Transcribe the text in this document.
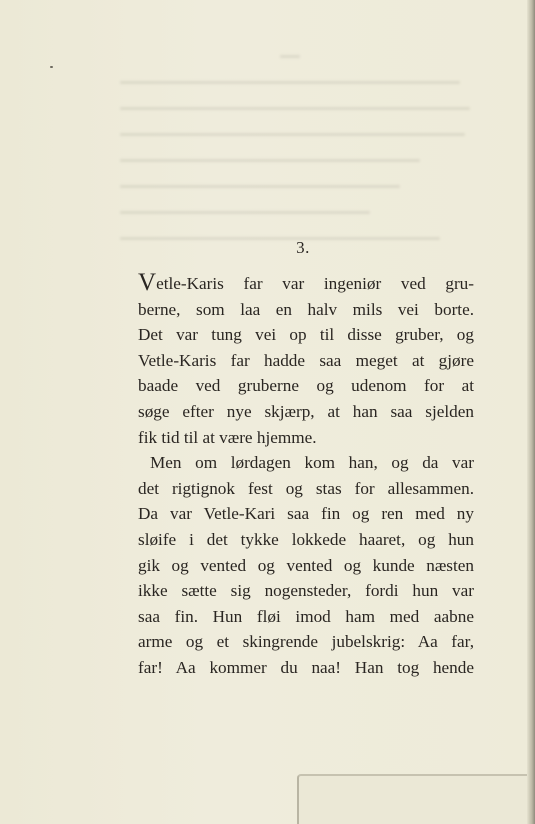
3.
Vetle-Karis far var ingeniør ved gru-
berne, som laa en halv mils vei borte.
Det var tung vei op til disse gruber, og
Vetle-Karis far hadde saa meget at gjøre
baade ved gruberne og udenom for at
søge efter nye skjærp, at han saa sjelden
fik tid til at være hjemme.
Men om lørdagen kom han, og da var
det rigtignok fest og stas for allesammen.
Da var Vetle-Kari saa fin og ren med ny
sløife i det tykke lokkede haaret, og hun
gik og vented og vented og kunde næsten
ikke sætte sig nogensteder, fordi hun var
saa fin. Hun fløi imod ham med aabne
arme og et skingrende jubelskrig: Aa far,
far! Aa kommer du naa! Han tog hende
